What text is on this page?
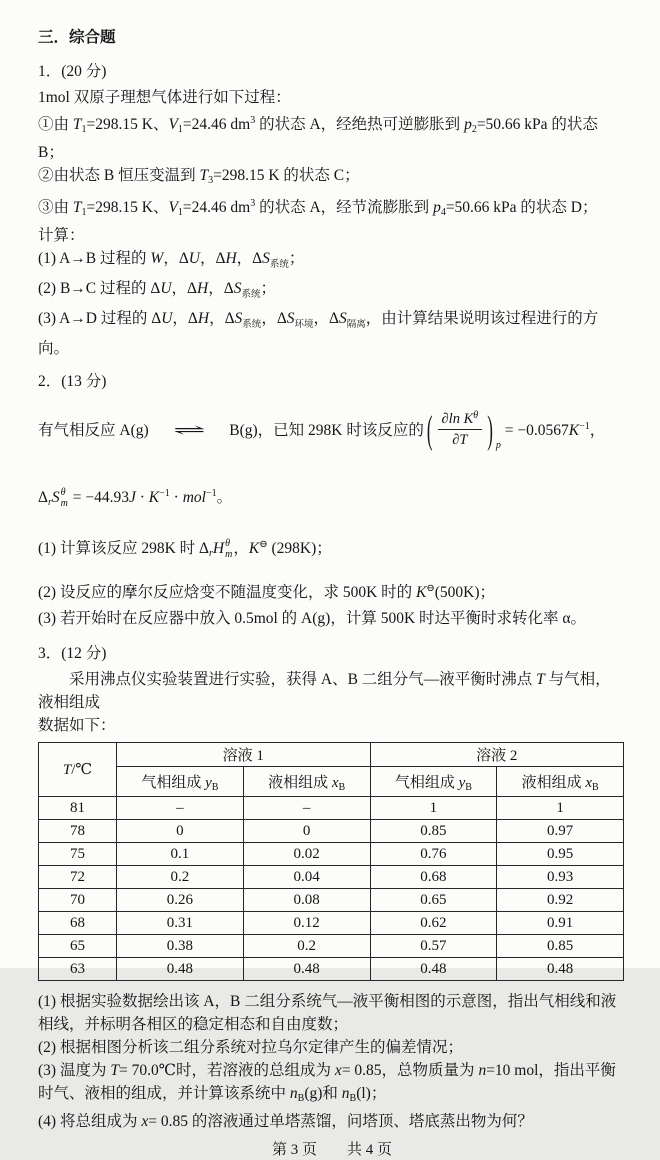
三．综合题
1．(20 分)
1mol 双原子理想气体进行如下过程：
①由 T1=298.15 K、V1=24.46 $dm^3$ 的状态 A，经绝热可逆膨胀到 p2=50.66 kPa 的状态 B；
②由状态 B 恒压变温到 T3=298.15 K 的状态 C；
③由 T1=298.15 K、V1=24.46 $dm^3$ 的状态 A，经节流膨胀到 p4=50.66 kPa 的状态 D；
计算：
(1) A→B 过程的 W，ΔU，ΔH，$\Delta S_{系统}$；
(2) B→C 过程的 ΔU，ΔH，$\Delta S_{系统}$；
(3) A→D 过程的 ΔU，ΔH，$\Delta S_{系统}$，$\Delta S_{环境}$，$\Delta S_{隔离}$，由计算结果说明该过程进行的方向。
2．(13 分)
有气相反应 A(g) ⇌ B(g)，已知 298K 时该反应的 ( $\frac{\partial\ln K^\theta}{\partial T}$ ) $_p = -0.0567K^{-1}$，
ΔrS θ
$m = -44.93J \cdot K^{-1} \cdot mol^{-1}$。
(1) 计算该反应 298K 时 ΔrH θ
m ，K⊖ (298K)；
(2) 设反应的摩尔反应焓变不随温度变化，求 500K 时的 K⊖(500K)；
(3) 若开始时在反应器中放入 0.5mol 的 A(g)，计算 500K 时达平衡时求转化率 α。
3．(12 分)
采用沸点仪实验装置进行实验，获得 A、B 二组分气—液平衡时沸点 T 与气相，液相组成
数据如下：
T/℃	溶液 1		溶液 2	
	气相组成 $y_B$	液相组成 $x_B$	气相组成 $y_B$	液相组成 $x_B$
81	–	–	1	1
78	0	0	0.85	0.97
75	0.1	0.02	0.76	0.95
72	0.2	0.04	0.68	0.93
70	0.26	0.08	0.65	0.92
68	0.31	0.12	0.62	0.91
65	0.38	0.2	0.57	0.85
63	0.48	0.48	0.48	0.48
(1) 根据实验数据绘出该 A，B 二组分系统气—液平衡相图的示意图，指出气相线和液相线，并标明各相区的稳定相态和自由度数；
(2) 根据相图分析该二组分系统对拉乌尔定律产生的偏差情况；
(3) 温度为 T= 70.0℃时，若溶液的总组成为 x= 0.85，总物质量为 n=10 mol，指出平衡时气、液相的组成，并计算该系统中 nB(g)和 nB(l)；
(4) 将总组成为 x= 0.85 的溶液通过单塔蒸馏，问塔顶、塔底蒸出物为何？
第 3 页　　共 4 页
